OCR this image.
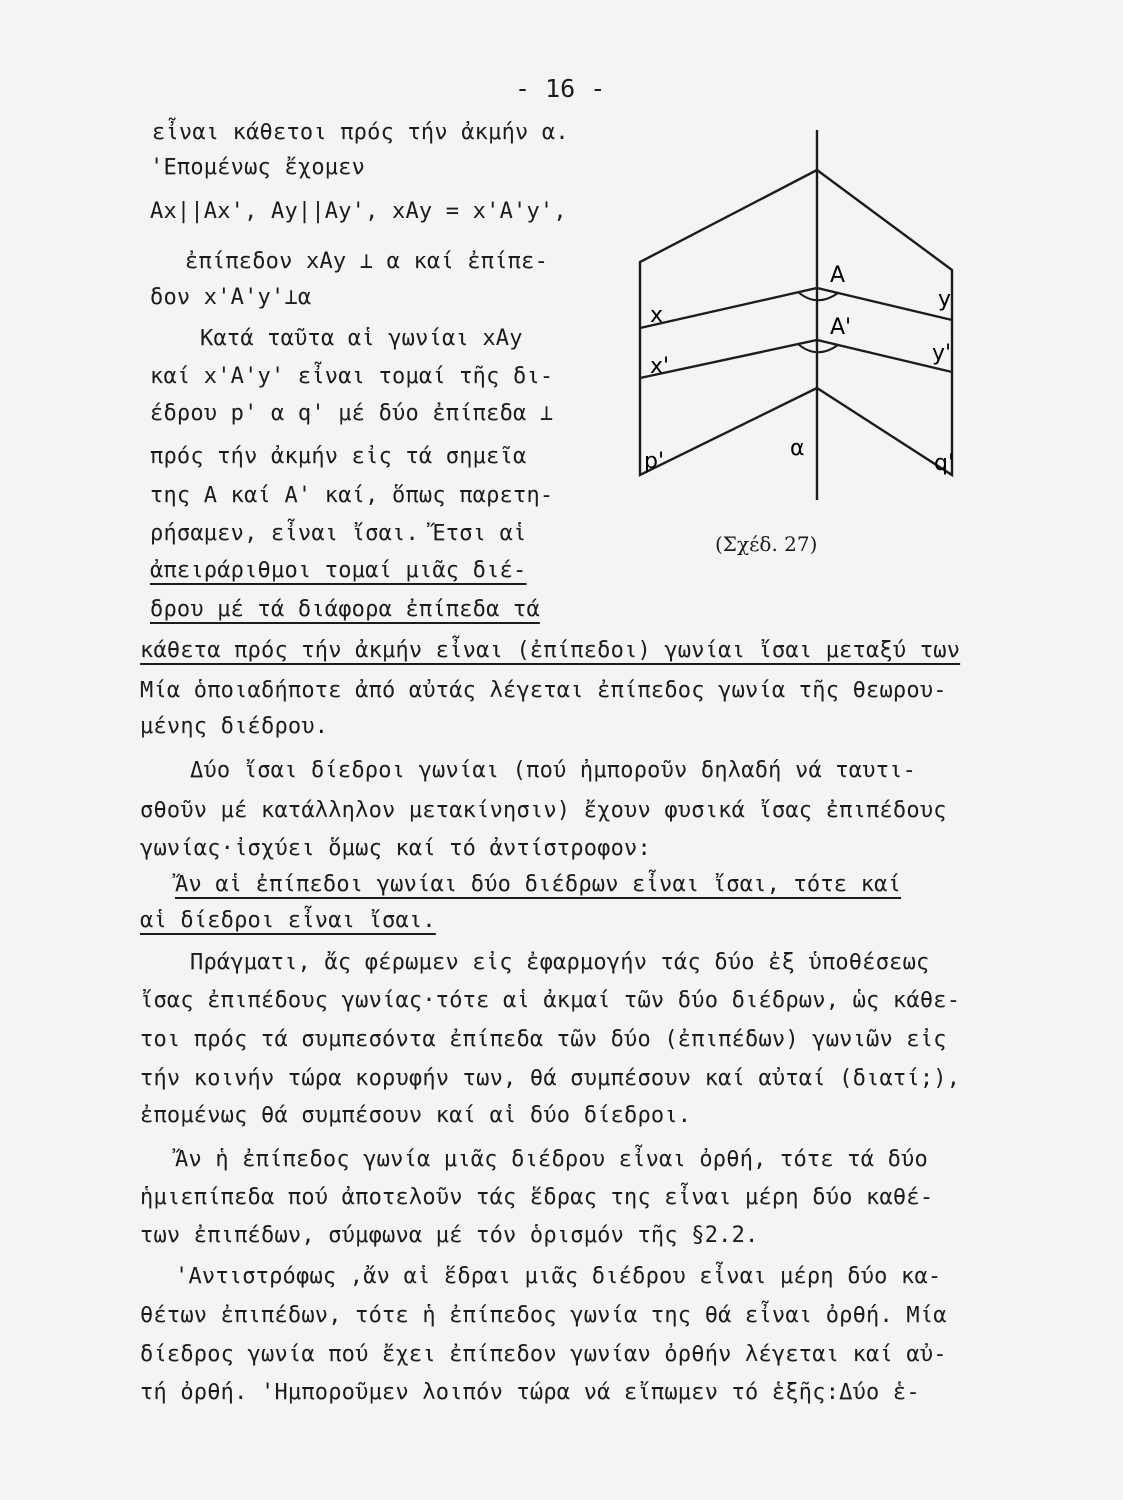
- 16 -
εἶναι κάθετοι πρός τήν ἀκμήν α.
'Επομένως ἔχομεν
Ax||Ax', Ay||Ay', xAy = x'A'y',
ἐπίπεδον xAy ⊥ α καί ἐπίπε-
δον x'A'y'⊥α
Κατά ταῦτα αἱ γωνίαι xAy
καί x'A'y' εἶναι τομαί τῆς δι-
έδρου p' α q' μέ δύο ἐπίπεδα ⊥
πρός τήν ἀκμήν εἰς τά σημεῖα
της Α καί Α' καί, ὅπως παρετη-
ρήσαμεν, εἶναι ἴσαι. Ἔτσι αἱ
ἀπειράριθμοι τομαί μιᾶς διέ-
δρου μέ τά διάφορα ἐπίπεδα τά
κάθετα πρός τήν ἀκμήν εἶναι (ἐπίπεδοι) γωνίαι ἴσαι μεταξύ των
Μία ὁποιαδήποτε ἀπό αὐτάς λέγεται ἐπίπεδος γωνία τῆς θεωρου-
μένης διέδρου.
Δύο ἴσαι δίεδροι γωνίαι (πού ἠμποροῦν δηλαδή νά ταυτι-
σθοῦν μέ κατάλληλον μετακίνησιν) ἔχουν φυσικά ἴσας ἐπιπέδους
γωνίας·ἰσχύει ὅμως καί τό ἀντίστροφον:
Ἄν αἱ ἐπίπεδοι γωνίαι δύο διέδρων εἶναι ἴσαι, τότε καί
αἱ δίεδροι εἶναι ἴσαι.
Πράγματι, ἄς φέρωμεν εἰς ἐφαρμογήν τάς δύο ἐξ ὑποθέσεως
ἴσας ἐπιπέδους γωνίας·τότε αἱ ἀκμαί τῶν δύο διέδρων, ὡς κάθε-
τοι πρός τά συμπεσόντα ἐπίπεδα τῶν δύο (ἐπιπέδων) γωνιῶν εἰς
τήν κοινήν τώρα κορυφήν των, θά συμπέσουν καί αὐταί (διατί;),
ἐπομένως θά συμπέσουν καί αἱ δύο δίεδροι.
Ἄν ἡ ἐπίπεδος γωνία μιᾶς διέδρου εἶναι ὀρθή, τότε τά δύο
ἡμιεπίπεδα πού ἀποτελοῦν τάς ἕδρας της εἶναι μέρη δύο καθέ-
των ἐπιπέδων, σύμφωνα μέ τόν ὁρισμόν τῆς §2.2.
'Αντιστρόφως ,ἄν αἱ ἕδραι μιᾶς διέδρου εἶναι μέρη δύο κα-
θέτων ἐπιπέδων, τότε ἡ ἐπίπεδος γωνία της θά εἶναι ὀρθή. Μία
δίεδρος γωνία πού ἔχει ἐπίπεδον γωνίαν ὀρθήν λέγεται καί αὐ-
τή ὀρθή. 'Ημποροῦμεν λοιπόν τώρα νά εἴπωμεν τό ἑξῆς:Δύο ἑ-
A
A'
x
x'
y
y'
α
p'	q'
(Σχέδ. 27)
